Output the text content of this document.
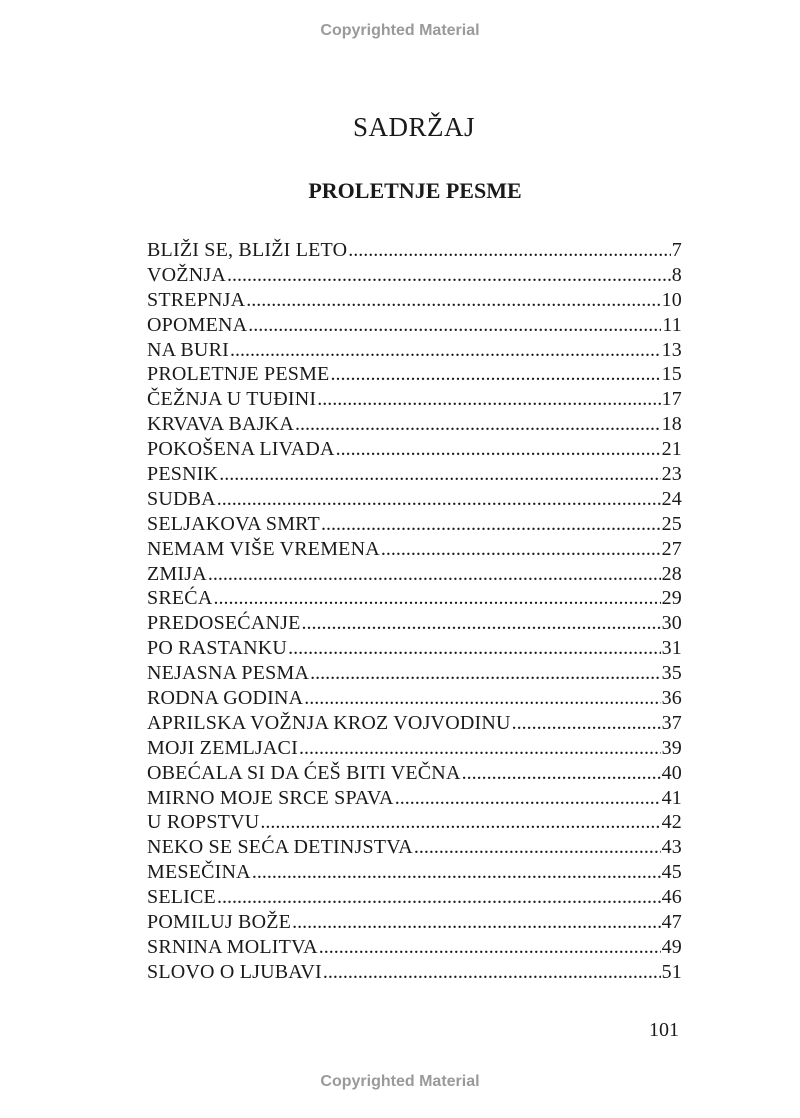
Copyrighted Material
SADRŽAJ
PROLETNJE PESME
BLIŽI SE, BLIŽI LETO .....	7
VOŽNJA .....	8
STREPNJA .....	10
OPOMENA .....	11
NA BURI .....	13
PROLETNJE PESME .....	15
ČEŽNJA U TUĐINI .....	17
KRVAVA BAJKA .....	18
POKOŠENA LIVADA .....	21
PESNIK .....	23
SUDBA .....	24
SELJAKOVA SMRT .....	25
NEMAM VIŠE VREMENA .....	27
ZMIJA .....	28
SREĆA .....	29
PREDOSEĆANJE .....	30
PO RASTANKU .....	31
NEJASNA PESMA .....	35
RODNA GODINA .....	36
APRILSKA VOŽNJA KROZ VOJVODINU .....	37
MOJI ZEMLJACI .....	39
OBEĆALA SI DA ĆEŠ BITI VEČNA .....	40
MIRNO MOJE SRCE SPAVA .....	41
U ROPSTVU .....	42
NEKO SE SEĆA DETINJSTVA .....	43
MESEČINA .....	45
SELICE .....	46
POMILUJ BOŽE .....	47
SRNINA MOLITVA .....	49
SLOVO O LJUBAVI .....	51
101
Copyrighted Material
